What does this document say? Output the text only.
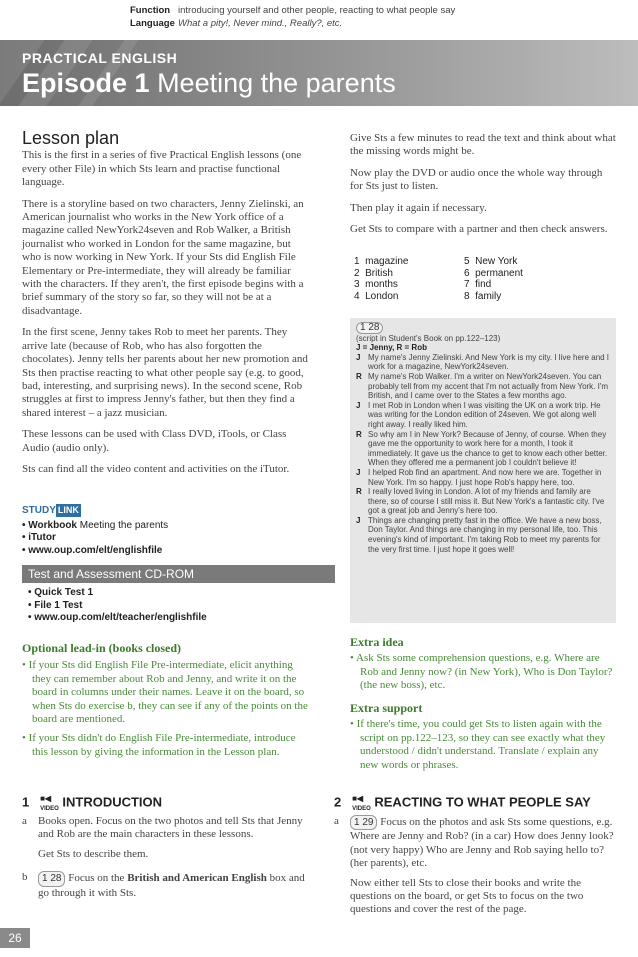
Function introducing yourself and other people, reacting to what people say
Language What a pity!, Never mind., Really?, etc.
PRACTICAL ENGLISH
Episode 1 Meeting the parents
Lesson plan

This is the first in a series of five Practical English lessons (one every other File) in which Sts learn and practise functional language.

There is a storyline based on two characters, Jenny Zielinski, an American journalist who works in the New York office of a magazine called NewYork24seven and Rob Walker, a British journalist who worked in London for the same magazine, but who is now working in New York. If your Sts did English File Elementary or Pre-intermediate, they will already be familiar with the characters. If they aren't, the first episode begins with a brief summary of the story so far, so they will not be at a disadvantage.

In the first scene, Jenny takes Rob to meet her parents. They arrive late (because of Rob, who has also forgotten the chocolates). Jenny tells her parents about her new promotion and Sts then practise reacting to what other people say (e.g. to good, bad, interesting, and surprising news). In the second scene, Rob struggles at first to impress Jenny's father, but then they find a shared interest – a jazz musician.

These lessons can be used with Class DVD, iTools, or Class Audio (audio only).

Sts can find all the video content and activities on the iTutor.

STUDY LINK
• Workbook Meeting the parents
• iTutor
• www.oup.com/elt/englishfile
Test and Assessment CD-ROM
• Quick Test 1
• File 1 Test
• www.oup.com/elt/teacher/englishfile
Optional lead-in (books closed)
• If your Sts did English File Pre-intermediate, elicit anything they can remember about Rob and Jenny, and write it on the board in columns under their names. Leave it on the board, so when Sts do exercise b, they can see if any of the points on the board are mentioned.
• If your Sts didn't do English File Pre-intermediate, introduce this lesson by giving the information in the Lesson plan.

Give Sts a few minutes to read the text and think about what the missing words might be.

Now play the DVD or audio once the whole way through for Sts just to listen.

Then play it again if necessary.

Get Sts to compare with a partner and then check answers.

1 magazine	5 New York
2 British	6 permanent
3 months	7 find
4 London	8 family
1 28
(script in Student's Book on pp.122–123)
J = Jenny, R = Rob
J My name's Jenny Zielinski. And New York is my city. I live here and I work for a magazine, NewYork24seven.
R My name's Rob Walker. I'm a writer on NewYork24seven. You can probably tell from my accent that I'm not actually from New York. I'm British, and I came over to the States a few months ago.
J I met Rob in London when I was visiting the UK on a work trip. He was writing for the London edition of 24seven. We got along well right away. I really liked him.
R So why am I in New York? Because of Jenny, of course. When they gave me the opportunity to work here for a month, I took it immediately. It gave us the chance to get to know each other better. When they offered me a permanent job I couldn't believe it!
J I helped Rob find an apartment. And now here we are. Together in New York. I'm so happy. I just hope Rob's happy here, too.
R I really loved living in London. A lot of my friends and family are there, so of course I still miss it. But New York's a fantastic city. I've got a great job and Jenny's here too.
J Things are changing pretty fast in the office. We have a new boss, Don Taylor. And things are changing in my personal life, too. This evening's kind of important. I'm taking Rob to meet my parents for the very first time. I just hope it goes well!
Extra idea
• Ask Sts some comprehension questions, e.g. Where are Rob and Jenny now? (in New York), Who is Don Taylor? (the new boss), etc.
Extra support
• If there's time, you could get Sts to listen again with the script on pp.122–123, so they can see exactly what they understood / didn't understand. Translate / explain any new words or phrases.
1 ■◀
VIDEO INTRODUCTION
a	Books open. Focus on the two photos and tell Sts that Jenny and Rob are the main characters in these lessons.
Get Sts to describe them.
b	1 28 Focus on the British and American English box and go through it with Sts.
2 ■◀
VIDEO REACTING TO WHAT PEOPLE SAY
a	1 29 Focus on the photos and ask Sts some questions, e.g. Where are Jenny and Rob? (in a car) How does Jenny look? (not very happy) Who are Jenny and Rob saying hello to? (her parents), etc.
Now either tell Sts to close their books and write the questions on the board, or get Sts to focus on the two questions and cover the rest of the page.
26
